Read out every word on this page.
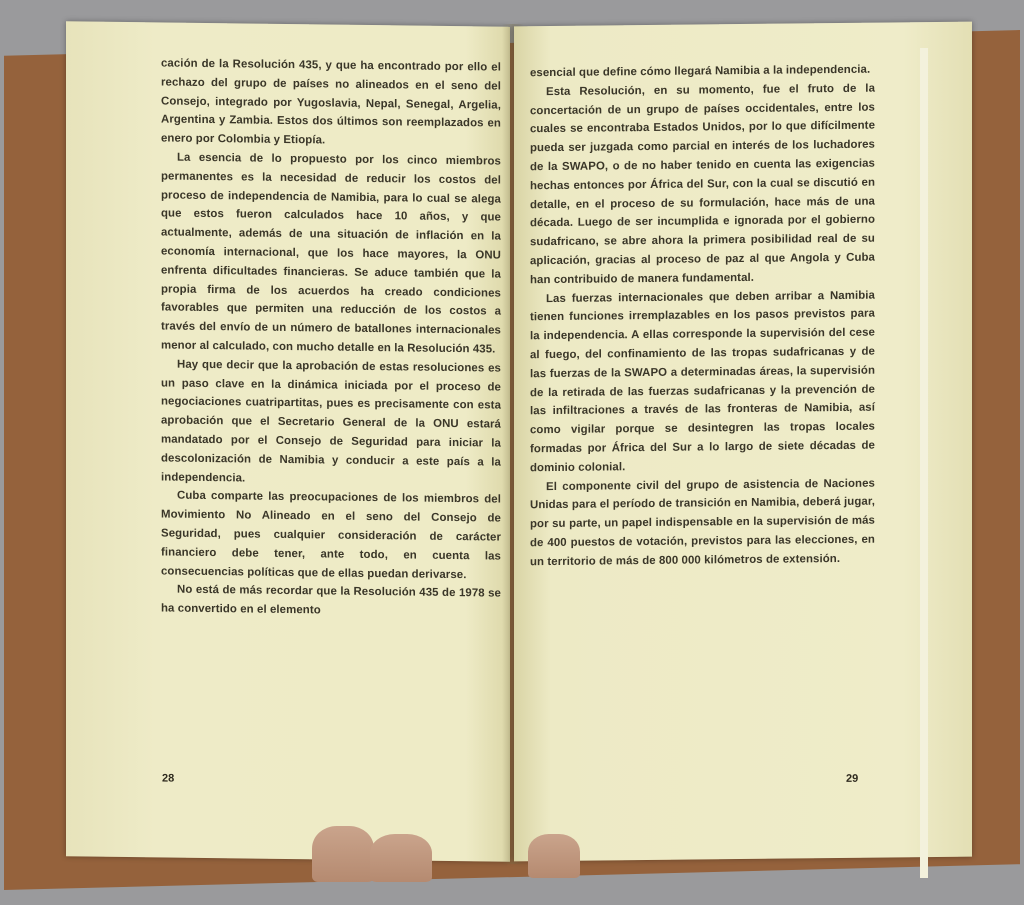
cación de la Resolución 435, y que ha encontrado por ello el rechazo del grupo de países no alineados en el seno del Consejo, integrado por Yugoslavia, Nepal, Senegal, Argelia, Argentina y Zambia. Estos dos últimos son reemplazados en enero por Colombia y Etiopía.

La esencia de lo propuesto por los cinco miembros permanentes es la necesidad de reducir los costos del proceso de independencia de Namibia, para lo cual se alega que estos fueron calculados hace 10 años, y que actualmente, además de una situación de inflación en la economía internacional, que los hace mayores, la ONU enfrenta dificultades financieras. Se aduce también que la propia firma de los acuerdos ha creado condiciones favorables que permiten una reducción de los costos a través del envío de un número de batallones internacionales menor al calculado, con mucho detalle en la Resolución 435.

Hay que decir que la aprobación de estas resoluciones es un paso clave en la dinámica iniciada por el proceso de negociaciones cuatripartitas, pues es precisamente con esta aprobación que el Secretario General de la ONU estará mandatado por el Consejo de Seguridad para iniciar la descolonización de Namibia y conducir a este país a la independencia.

Cuba comparte las preocupaciones de los miembros del Movimiento No Alineado en el seno del Consejo de Seguridad, pues cualquier consideración de carácter financiero debe tener, ante todo, en cuenta las consecuencias políticas que de ellas puedan derivarse.

No está de más recordar que la Resolución 435 de 1978 se ha convertido en el elemento

28

esencial que define cómo llegará Namibia a la independencia.

Esta Resolución, en su momento, fue el fruto de la concertación de un grupo de países occidentales, entre los cuales se encontraba Estados Unidos, por lo que difícilmente pueda ser juzgada como parcial en interés de los luchadores de la SWAPO, o de no haber tenido en cuenta las exigencias hechas entonces por África del Sur, con la cual se discutió en detalle, en el proceso de su formulación, hace más de una década. Luego de ser incumplida e ignorada por el gobierno sudafricano, se abre ahora la primera posibilidad real de su aplicación, gracias al proceso de paz al que Angola y Cuba han contribuido de manera fundamental.

Las fuerzas internacionales que deben arribar a Namibia tienen funciones irremplazables en los pasos previstos para la independencia. A ellas corresponde la supervisión del cese al fuego, del confinamiento de las tropas sudafricanas y de las fuerzas de la SWAPO a determinadas áreas, la supervisión de la retirada de las fuerzas sudafricanas y la prevención de las infiltraciones a través de las fronteras de Namibia, así como vigilar porque se desintegren las tropas locales formadas por África del Sur a lo largo de siete décadas de dominio colonial.

El componente civil del grupo de asistencia de Naciones Unidas para el período de transición en Namibia, deberá jugar, por su parte, un papel indispensable en la supervisión de más de 400 puestos de votación, previstos para las elecciones, en un territorio de más de 800 000 kilómetros de extensión.

29
